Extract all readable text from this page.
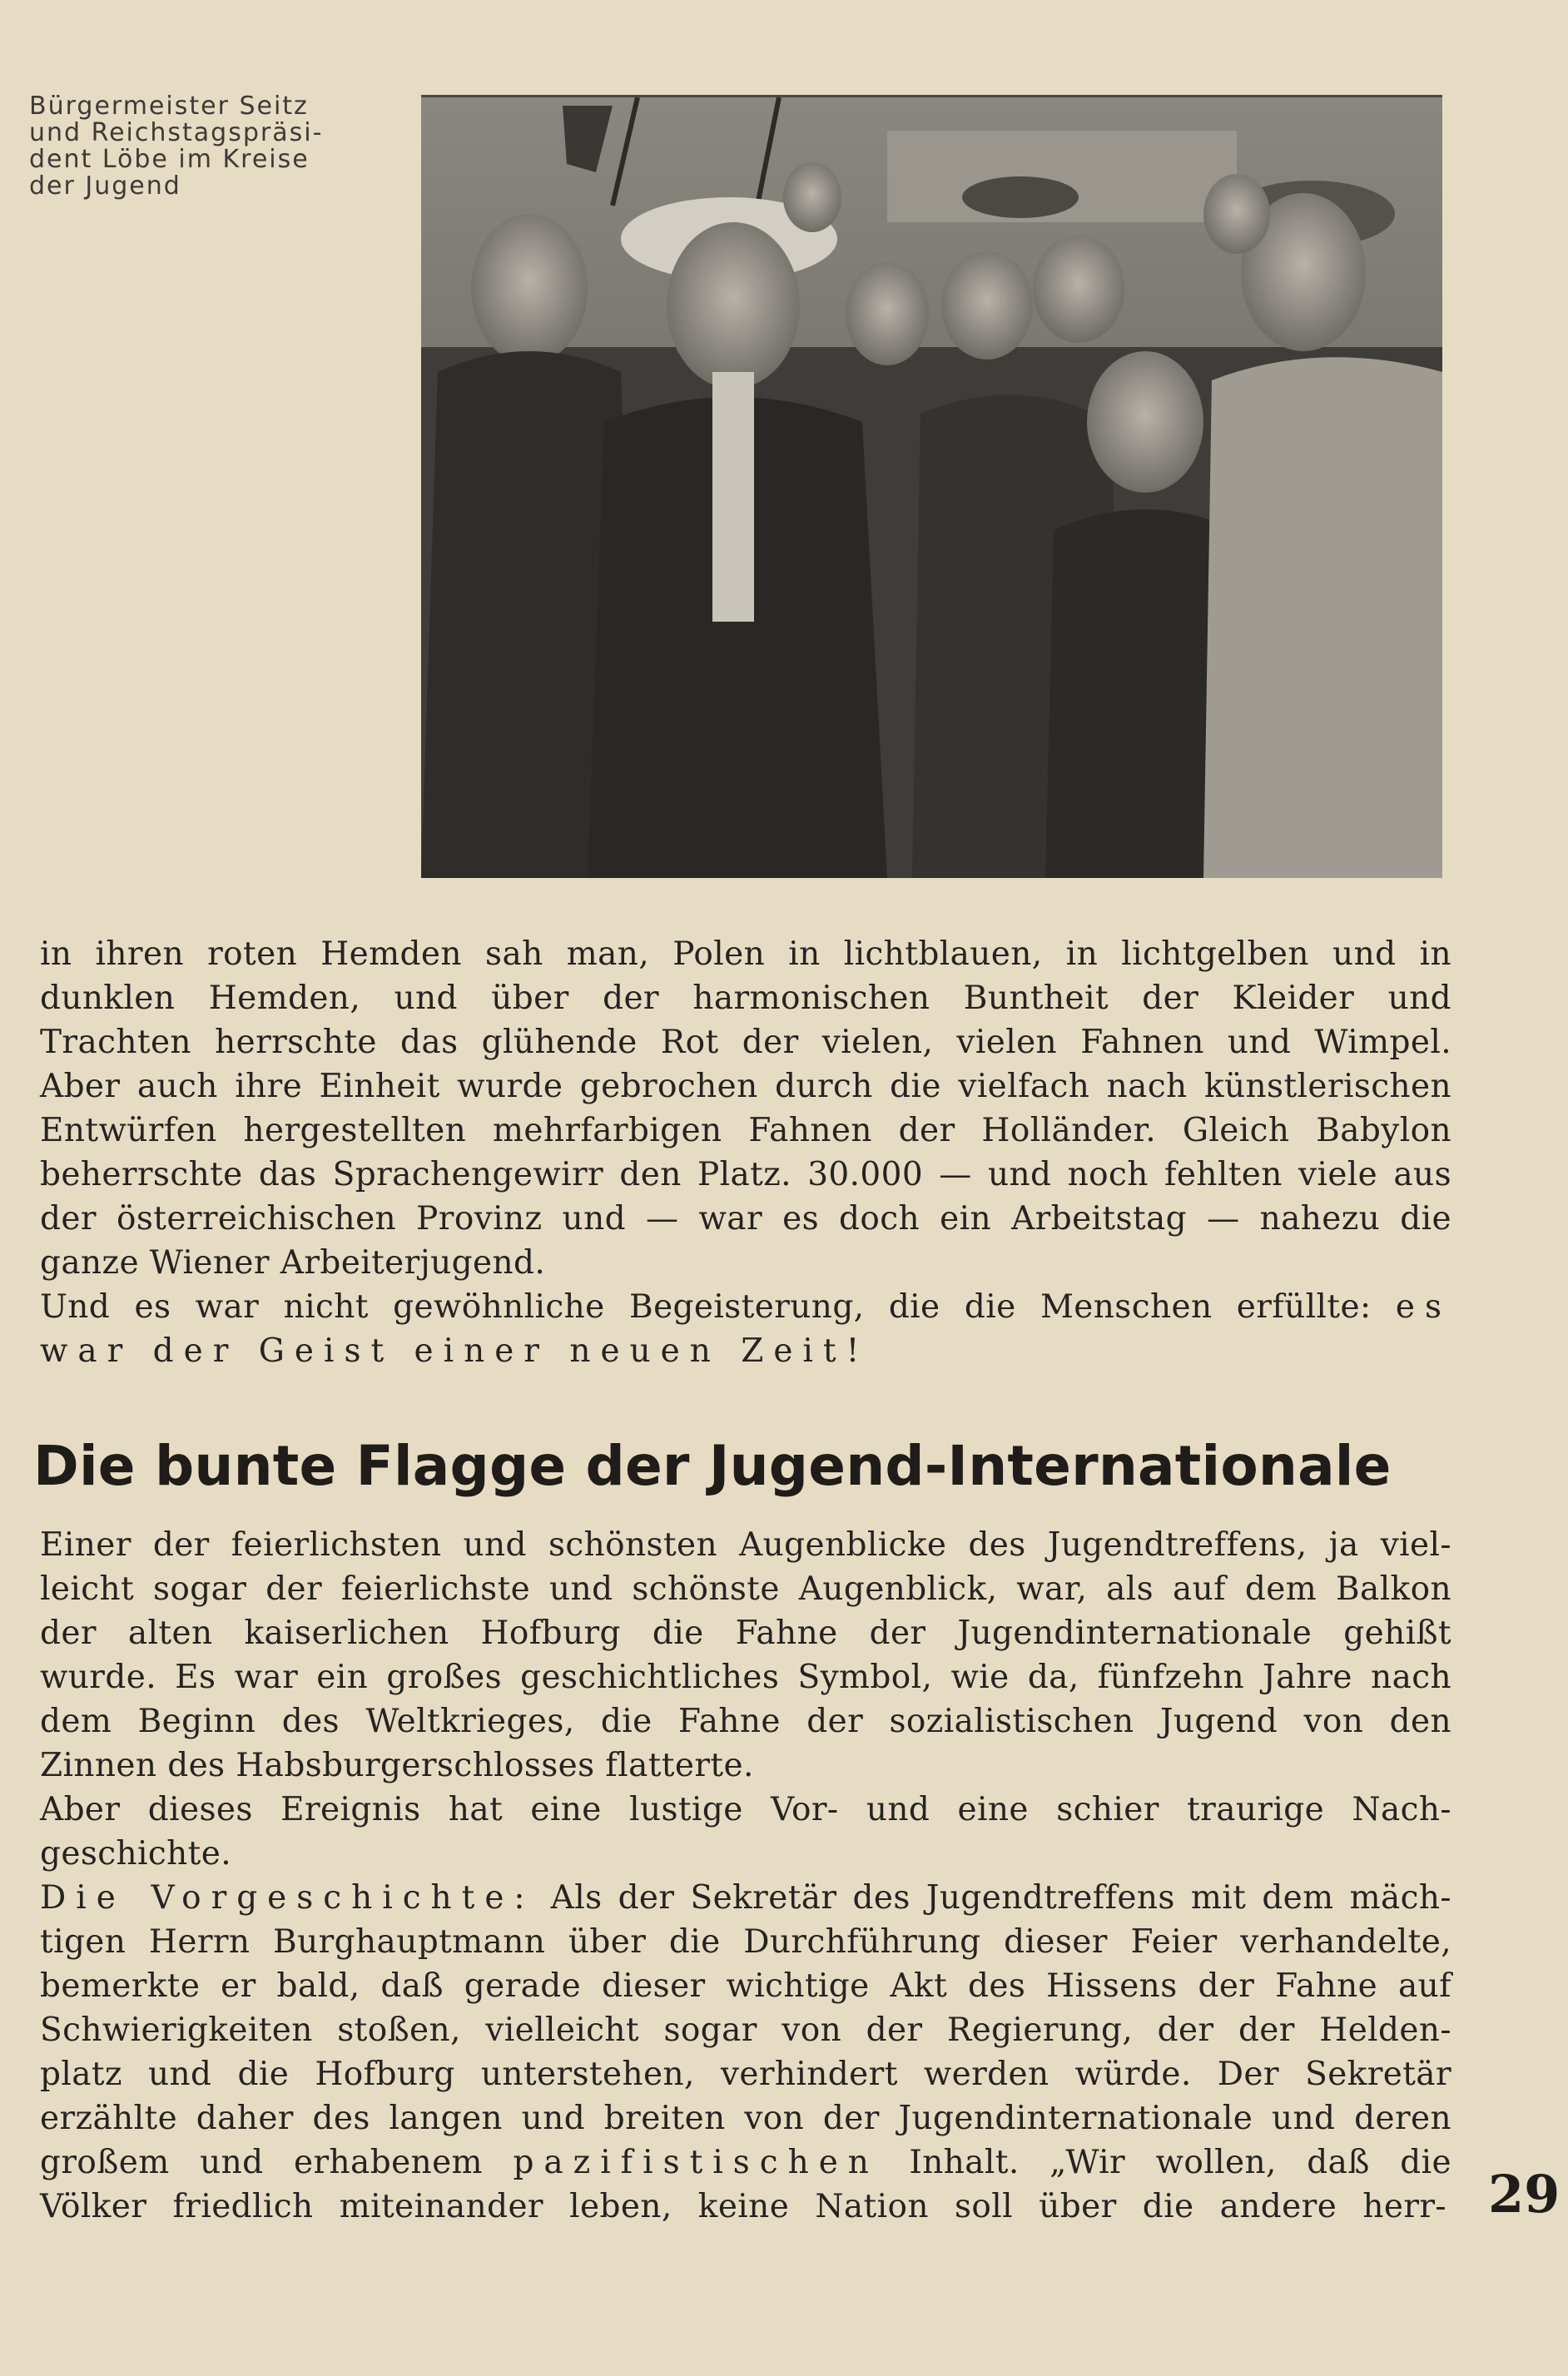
Bürgermeister Seitz
und Reichstagspräsi-
dent Löbe im Kreise
der Jugend
in ihren roten Hemden sah man, Polen in lichtblauen, in lichtgelben und in
dunklen Hemden, und über der harmonischen Buntheit der Kleider und
Trachten herrschte das glühende Rot der vielen, vielen Fahnen und Wimpel.
Aber auch ihre Einheit wurde gebrochen durch die vielfach nach künstlerischen
Entwürfen hergestellten mehrfarbigen Fahnen der Holländer. Gleich Babylon
beherrschte das Sprachengewirr den Platz. 30.000 — und noch fehlten viele aus
der österreichischen Provinz und — war es doch ein Arbeitstag — nahezu die
ganze Wiener Arbeiterjugend.
Und es war nicht gewöhnliche Begeisterung, die die Menschen erfüllte: es
war der Geist einer neuen Zeit!
Die bunte Flagge der Jugend-Internationale
Einer der feierlichsten und schönsten Augenblicke des Jugendtreffens, ja viel-
leicht sogar der feierlichste und schönste Augenblick, war, als auf dem Balkon
der alten kaiserlichen Hofburg die Fahne der Jugendinternationale gehißt
wurde. Es war ein großes geschichtliches Symbol, wie da, fünfzehn Jahre nach
dem Beginn des Weltkrieges, die Fahne der sozialistischen Jugend von den
Zinnen des Habsburgerschlosses flatterte.
Aber dieses Ereignis hat eine lustige Vor- und eine schier traurige Nach-
geschichte.
Die Vorgeschichte: Als der Sekretär des Jugendtreffens mit dem mäch-
tigen Herrn Burghauptmann über die Durchführung dieser Feier verhandelte,
bemerkte er bald, daß gerade dieser wichtige Akt des Hissens der Fahne auf
Schwierigkeiten stoßen, vielleicht sogar von der Regierung, der der Helden-
platz und die Hofburg unterstehen, verhindert werden würde. Der Sekretär
erzählte daher des langen und breiten von der Jugendinternationale und deren
großem und erhabenem pazifistischen Inhalt. „Wir wollen, daß die
Völker friedlich miteinander leben, keine Nation soll über die andere herr- 29
